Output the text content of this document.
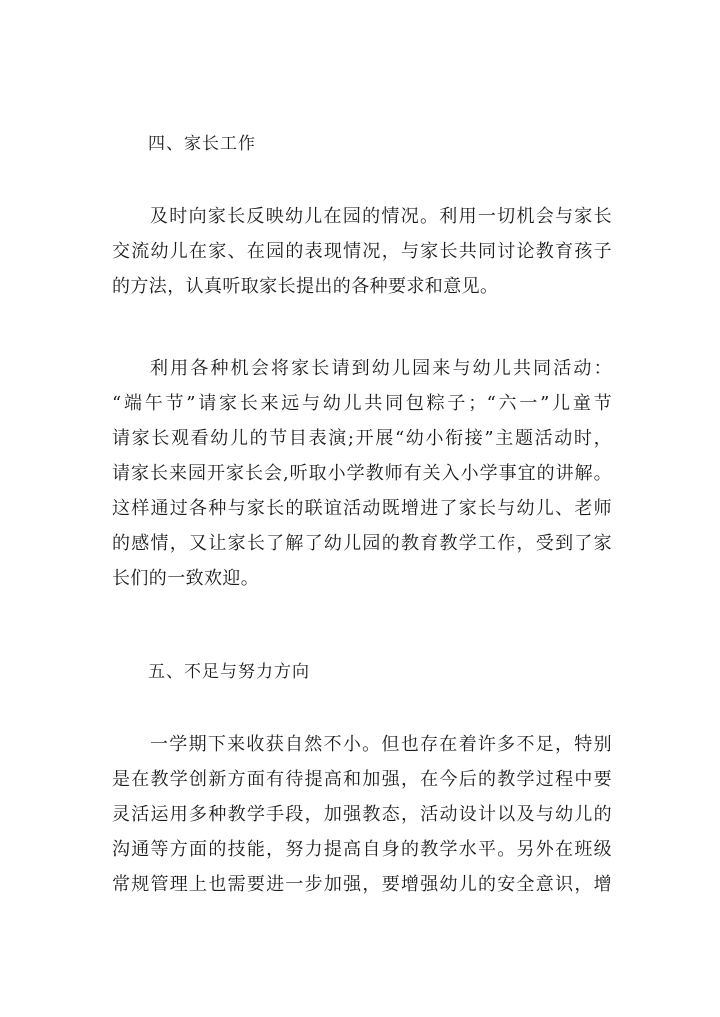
四、家长工作
及时向家长反映幼儿在园的情况。利用一切机会与家长
交流幼儿在家、在园的表现情况，与家长共同讨论教育孩子
的方法，认真听取家长提出的各种要求和意见。
利用各种机会将家长请到幼儿园来与幼儿共同活动：
“端午节”请家长来远与幼儿共同包粽子；“六一”儿童节
请家长观看幼儿的节目表演;开展“幼小衔接”主题活动时，
请家长来园开家长会,听取小学教师有关入小学事宜的讲解。
这样通过各种与家长的联谊活动既增进了家长与幼儿、老师
的感情，又让家长了解了幼儿园的教育教学工作，受到了家
长们的一致欢迎。
五、不足与努力方向
一学期下来收获自然不小。但也存在着许多不足，特别
是在教学创新方面有待提高和加强，在今后的教学过程中要
灵活运用多种教学手段，加强教态，活动设计以及与幼儿的
沟通等方面的技能，努力提高自身的教学水平。另外在班级
常规管理上也需要进一步加强，要增强幼儿的安全意识，增
